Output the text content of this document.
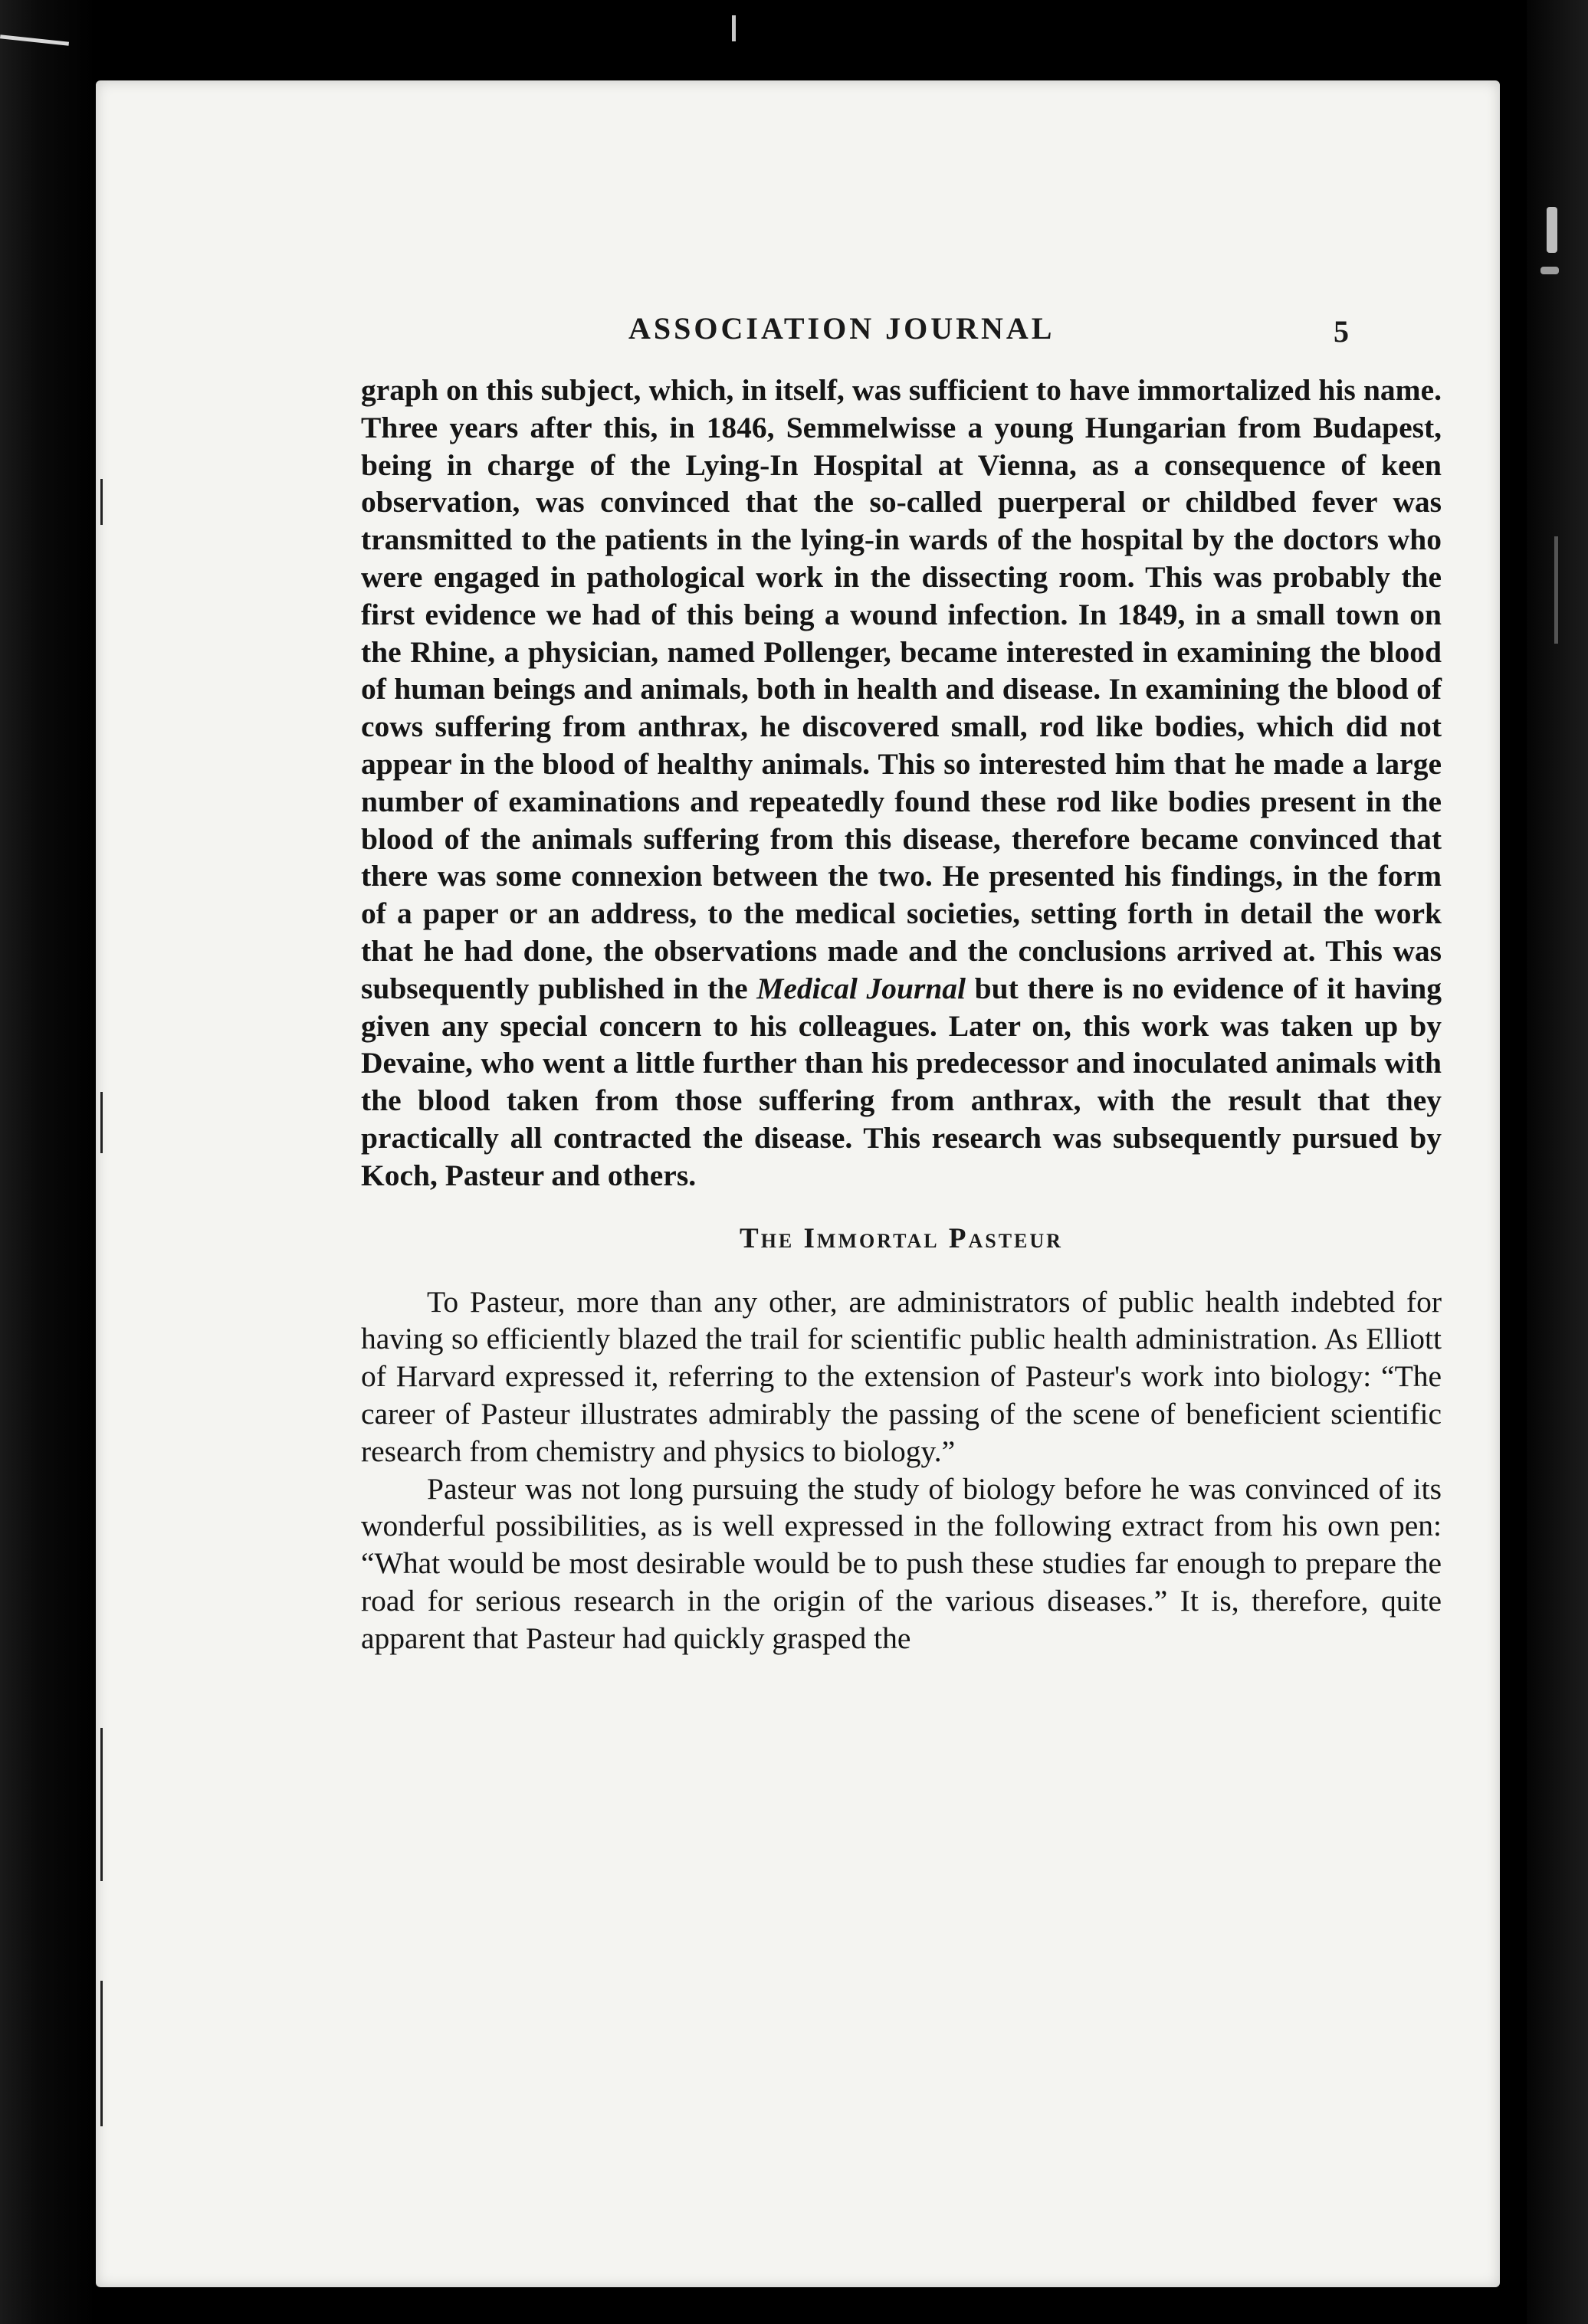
ASSOCIATION JOURNAL	5

graph on this subject, which, in itself, was sufficient to have immortalized his name. Three years after this, in 1846, Semmelwisse a young Hungarian from Budapest, being in charge of the Lying-In Hospital at Vienna, as a consequence of keen observation, was convinced that the so-called puerperal or childbed fever was transmitted to the patients in the lying-in wards of the hospital by the doctors who were engaged in pathological work in the dissecting room. This was probably the first evidence we had of this being a wound infection. In 1849, in a small town on the Rhine, a physician, named Pollenger, became interested in examining the blood of human beings and animals, both in health and disease. In examining the blood of cows suffering from anthrax, he discovered small, rod like bodies, which did not appear in the blood of healthy animals. This so interested him that he made a large number of examinations and repeatedly found these rod like bodies present in the blood of the animals suffering from this disease, therefore became convinced that there was some connexion between the two. He presented his findings, in the form of a paper or an address, to the medical societies, setting forth in detail the work that he had done, the observations made and the conclusions arrived at. This was subsequently published in the Medical Journal but there is no evidence of it having given any special concern to his colleagues. Later on, this work was taken up by Devaine, who went a little further than his predecessor and inoculated animals with the blood taken from those suffering from anthrax, with the result that they practically all contracted the disease. This research was subsequently pursued by Koch, Pasteur and others.

The Immortal Pasteur

To Pasteur, more than any other, are administrators of public health indebted for having so efficiently blazed the trail for scientific public health administration. As Elliott of Harvard expressed it, referring to the extension of Pasteur's work into biology: “The career of Pasteur illustrates admirably the passing of the scene of beneficient scientific research from chemistry and physics to biology.”

Pasteur was not long pursuing the study of biology before he was convinced of its wonderful possibilities, as is well expressed in the following extract from his own pen: “What would be most desirable would be to push these studies far enough to prepare the road for serious research in the origin of the various diseases.” It is, therefore, quite apparent that Pasteur had quickly grasped the
